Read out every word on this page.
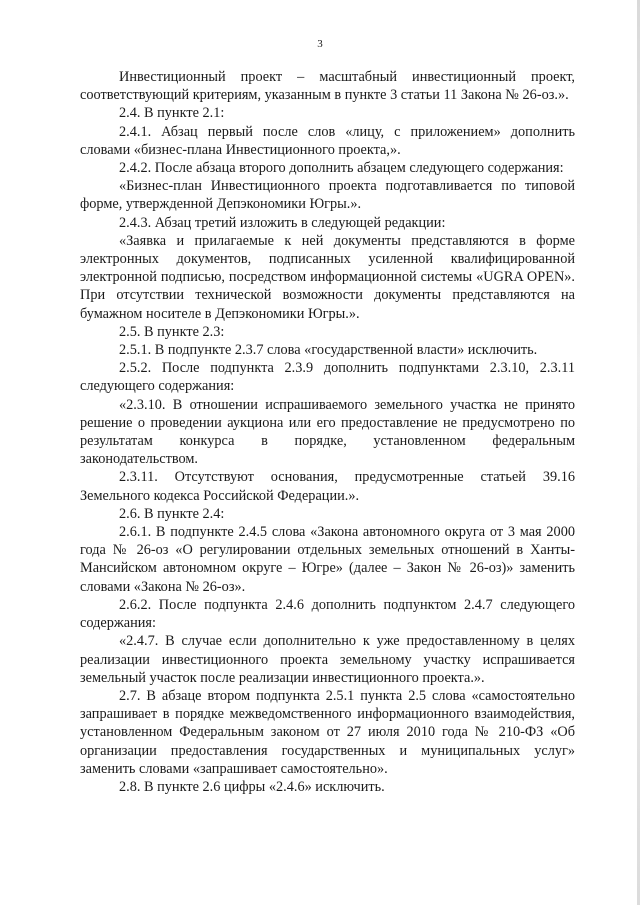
3

Инвестиционный проект – масштабный инвестиционный проект, соответствующий критериям, указанным в пункте 3 статьи 11 Закона № 26-оз.».

2.4. В пункте 2.1:

2.4.1. Абзац первый после слов «лицу, с приложением» дополнить словами «бизнес-плана Инвестиционного проекта,».

2.4.2. После абзаца второго дополнить абзацем следующего содержания:

«Бизнес-план Инвестиционного проекта подготавливается по типовой форме, утвержденной Депэкономики Югры.».

2.4.3. Абзац третий изложить в следующей редакции:

«Заявка и прилагаемые к ней документы представляются в форме электронных документов, подписанных усиленной квалифицированной электронной подписью, посредством информационной системы «UGRA OPEN». При отсутствии технической возможности документы представляются на бумажном носителе в Депэкономики Югры.».

2.5. В пункте 2.3:

2.5.1. В подпункте 2.3.7 слова «государственной власти» исключить.

2.5.2. После подпункта 2.3.9 дополнить подпунктами 2.3.10, 2.3.11 следующего содержания:

«2.3.10. В отношении испрашиваемого земельного участка не принято решение о проведении аукциона или его предоставление не предусмотрено по результатам конкурса в порядке, установленном федеральным законодательством.

2.3.11. Отсутствуют основания, предусмотренные статьей 39.16 Земельного кодекса Российской Федерации.».

2.6. В пункте 2.4:

2.6.1. В подпункте 2.4.5 слова «Закона автономного округа от 3 мая 2000 года № 26-оз «О регулировании отдельных земельных отношений в Ханты-Мансийском автономном округе – Югре» (далее – Закон № 26-оз)» заменить словами «Закона № 26-оз».

2.6.2. После подпункта 2.4.6 дополнить подпунктом 2.4.7 следующего содержания:

«2.4.7. В случае если дополнительно к уже предоставленному в целях реализации инвестиционного проекта земельному участку испрашивается земельный участок после реализации инвестиционного проекта.».

2.7. В абзаце втором подпункта 2.5.1 пункта 2.5 слова «самостоятельно запрашивает в порядке межведомственного информационного взаимодействия, установленном Федеральным законом от 27 июля 2010 года № 210-ФЗ «Об организации предоставления государственных и муниципальных услуг» заменить словами «запрашивает самостоятельно».

2.8. В пункте 2.6 цифры «2.4.6» исключить.
